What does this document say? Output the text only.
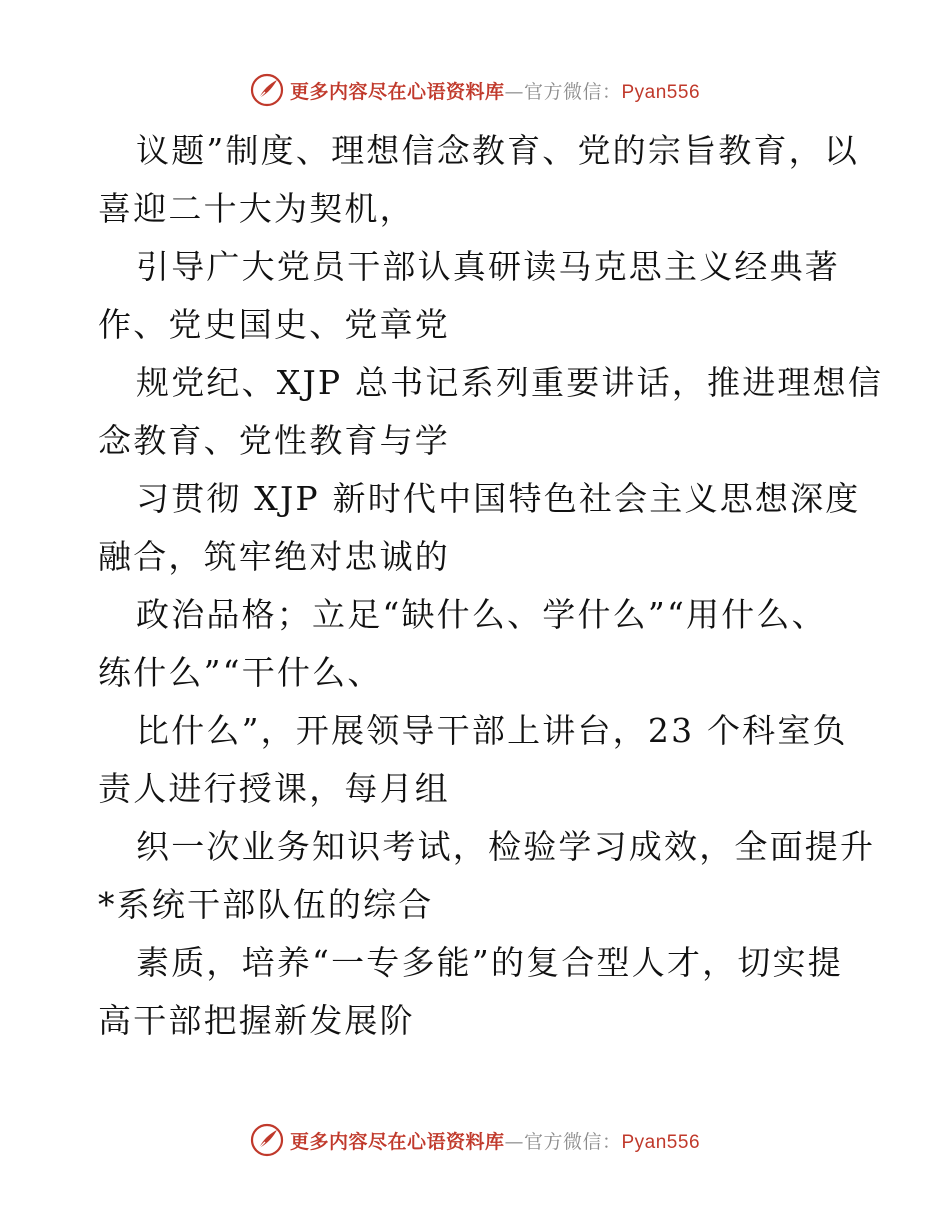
更多内容尽在心语资料库—官方微信：Pyan556

议题”制度、理想信念教育、党的宗旨教育，以

喜迎二十大为契机，

引导广大党员干部认真研读马克思主义经典著

作、党史国史、党章党

规党纪、XJP 总书记系列重要讲话，推进理想信

念教育、党性教育与学

习贯彻 XJP 新时代中国特色社会主义思想深度

融合，筑牢绝对忠诚的

政治品格；立足“缺什么、学什么”“用什么、

练什么”“干什么、

比什么”，开展领导干部上讲台，23 个科室负

责人进行授课，每月组

织一次业务知识考试，检验学习成效，全面提升

*系统干部队伍的综合

素质，培养“一专多能”的复合型人才，切实提

高干部把握新发展阶

更多内容尽在心语资料库—官方微信：Pyan556
